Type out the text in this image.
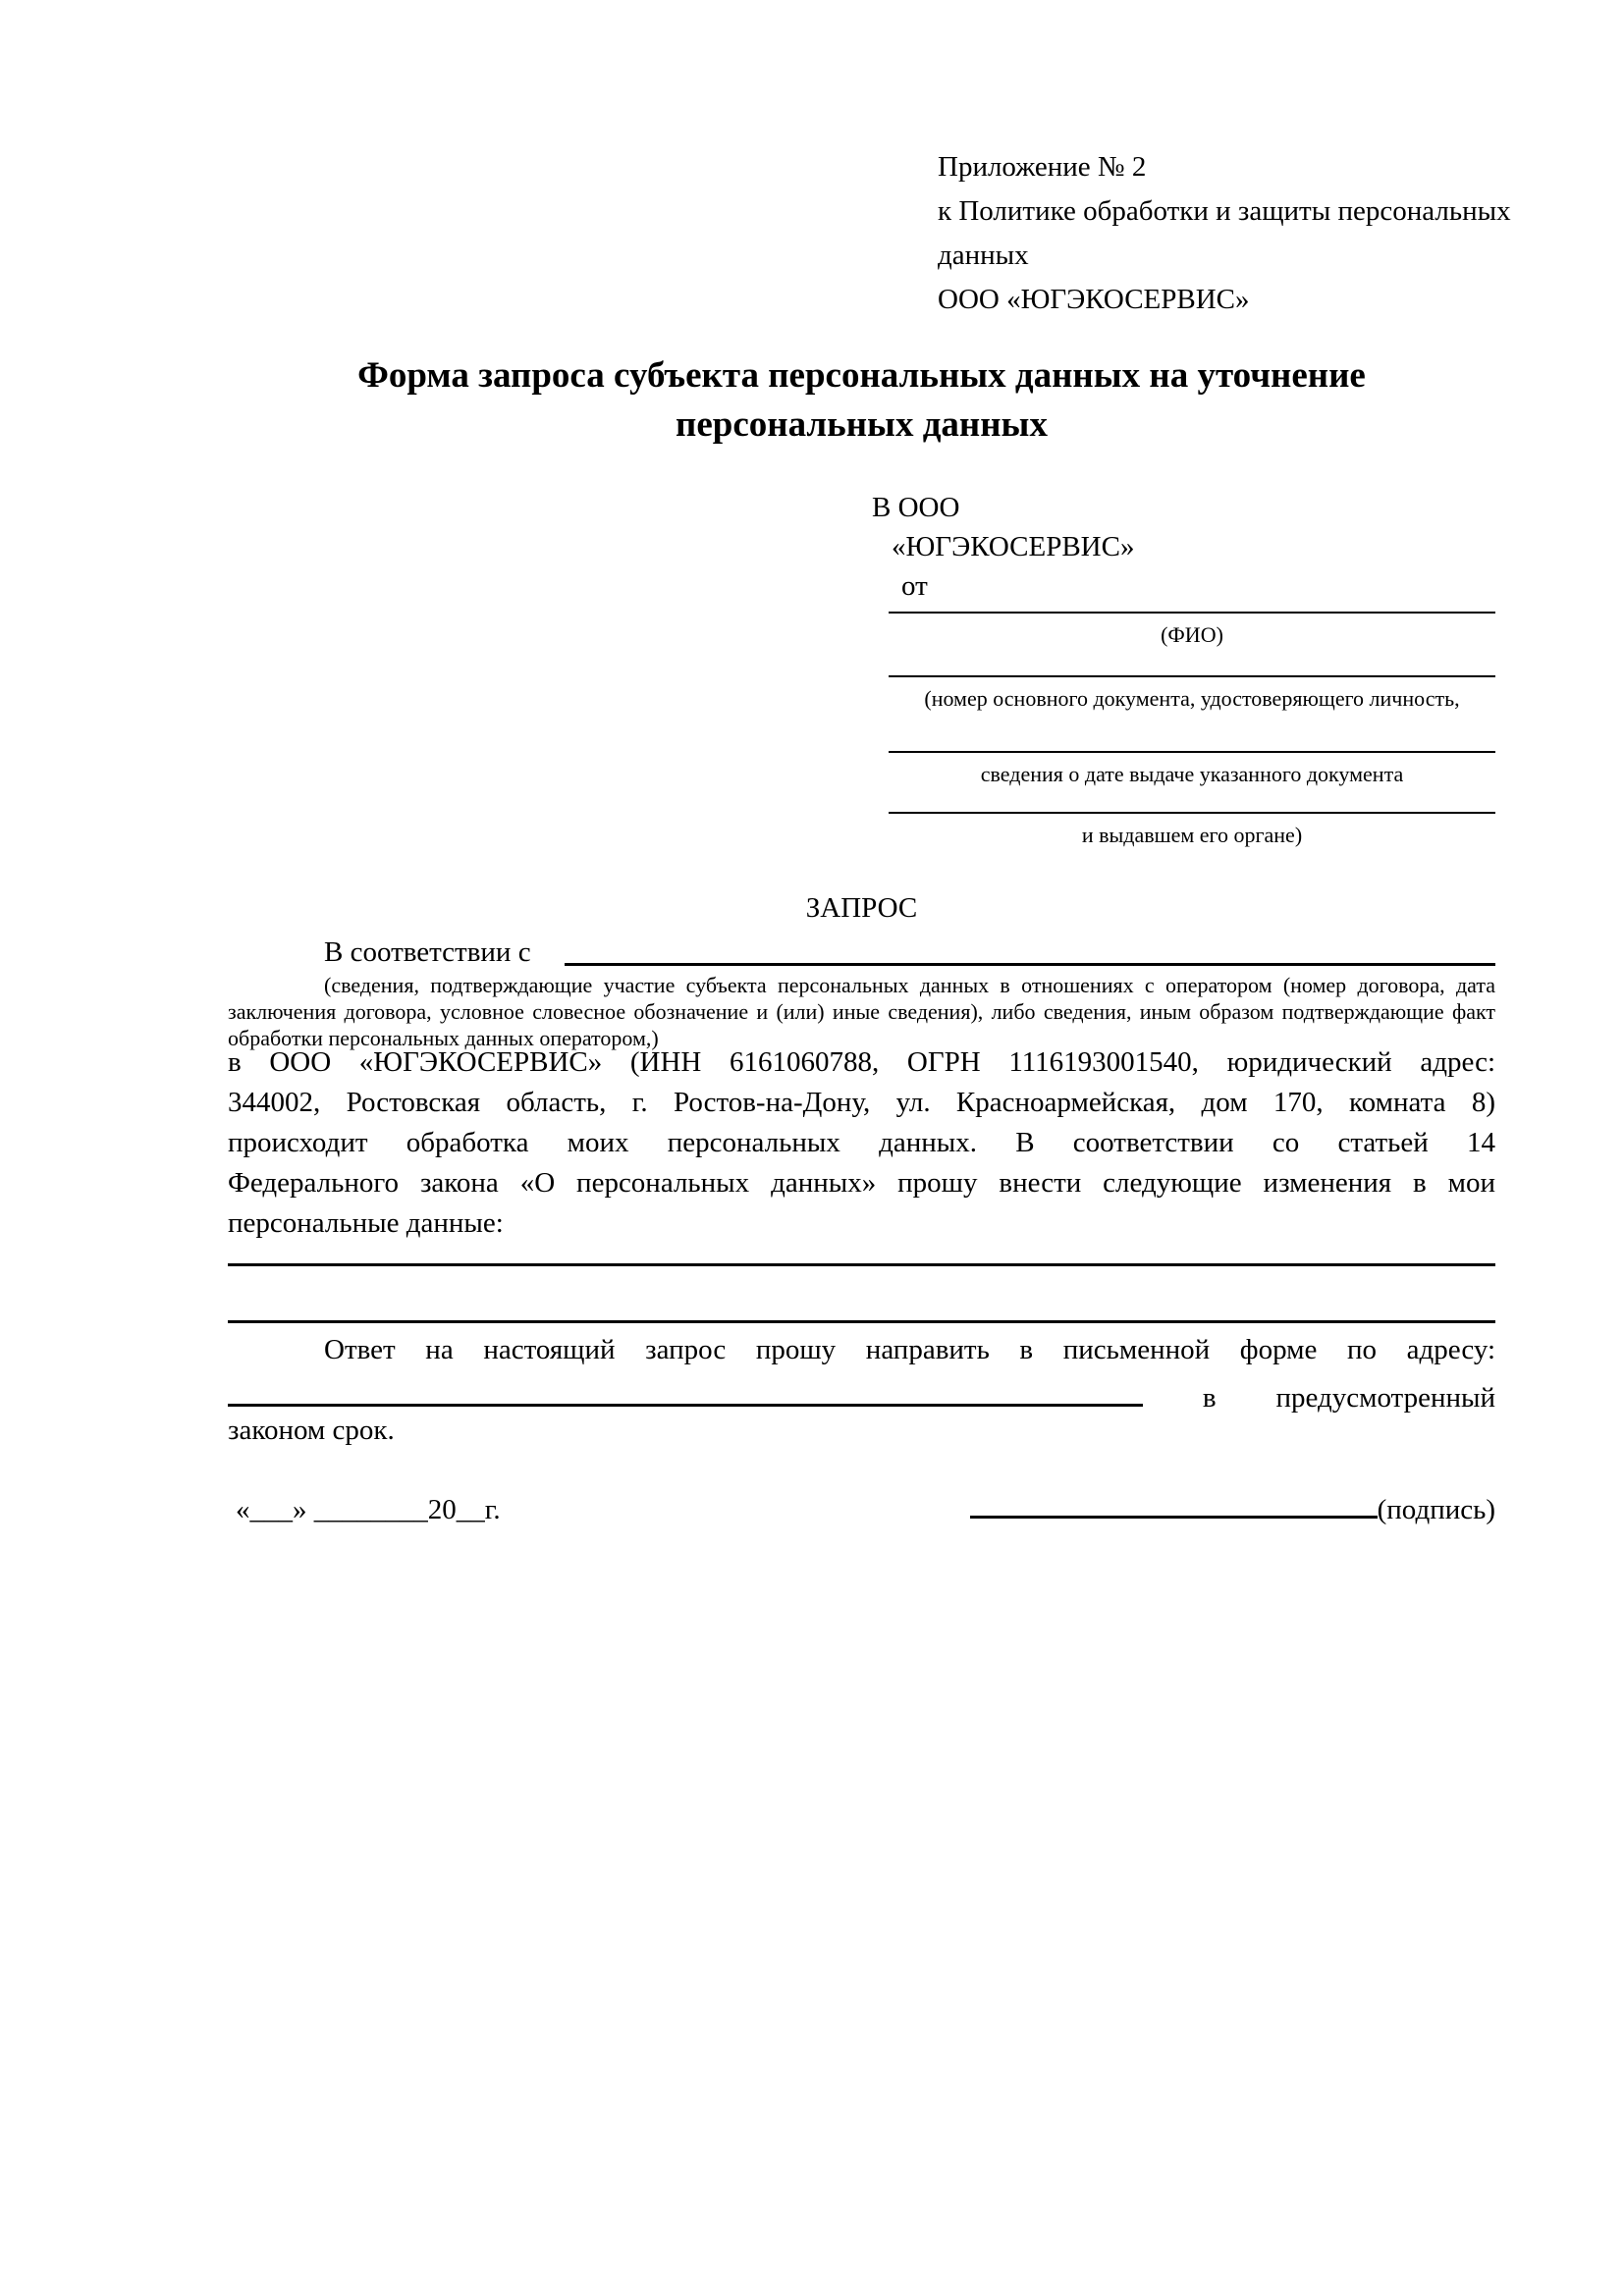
Приложение № 2
к Политике обработки и защиты персональных
данных
ООО «ЮГЭКОСЕРВИС»
Форма запроса субъекта персональных данных на уточнение
персональных данных
В ООО
«ЮГЭКОСЕРВИС»
от
(ФИО)
(номер основного документа, удостоверяющего личность,
сведения о дате выдаче указанного документа
и выдавшем его органе)
ЗАПРОС
В соответствии с
(сведения, подтверждающие участие субъекта персональных данных в отношениях с оператором (номер договора, дата
заключения договора, условное словесное обозначение и (или) иные сведения), либо сведения, иным образом подтверждающие факт
обработки персональных данных оператором,)
в ООО «ЮГЭКОСЕРВИС» (ИНН 6161060788, ОГРН 1116193001540, юридический адрес:
344002, Ростовская область, г. Ростов-на-Дону, ул. Красноармейская, дом 170, комната 8)
происходит обработка моих персональных данных. В соответствии со статьей 14
Федерального закона «О персональных данных» прошу внести следующие изменения в мои
персональные данные:
Ответ на настоящий запрос прошу направить в письменной форме по адресу:
в предусмотренный
законом срок.
«___» ________20__г.	(подпись)
